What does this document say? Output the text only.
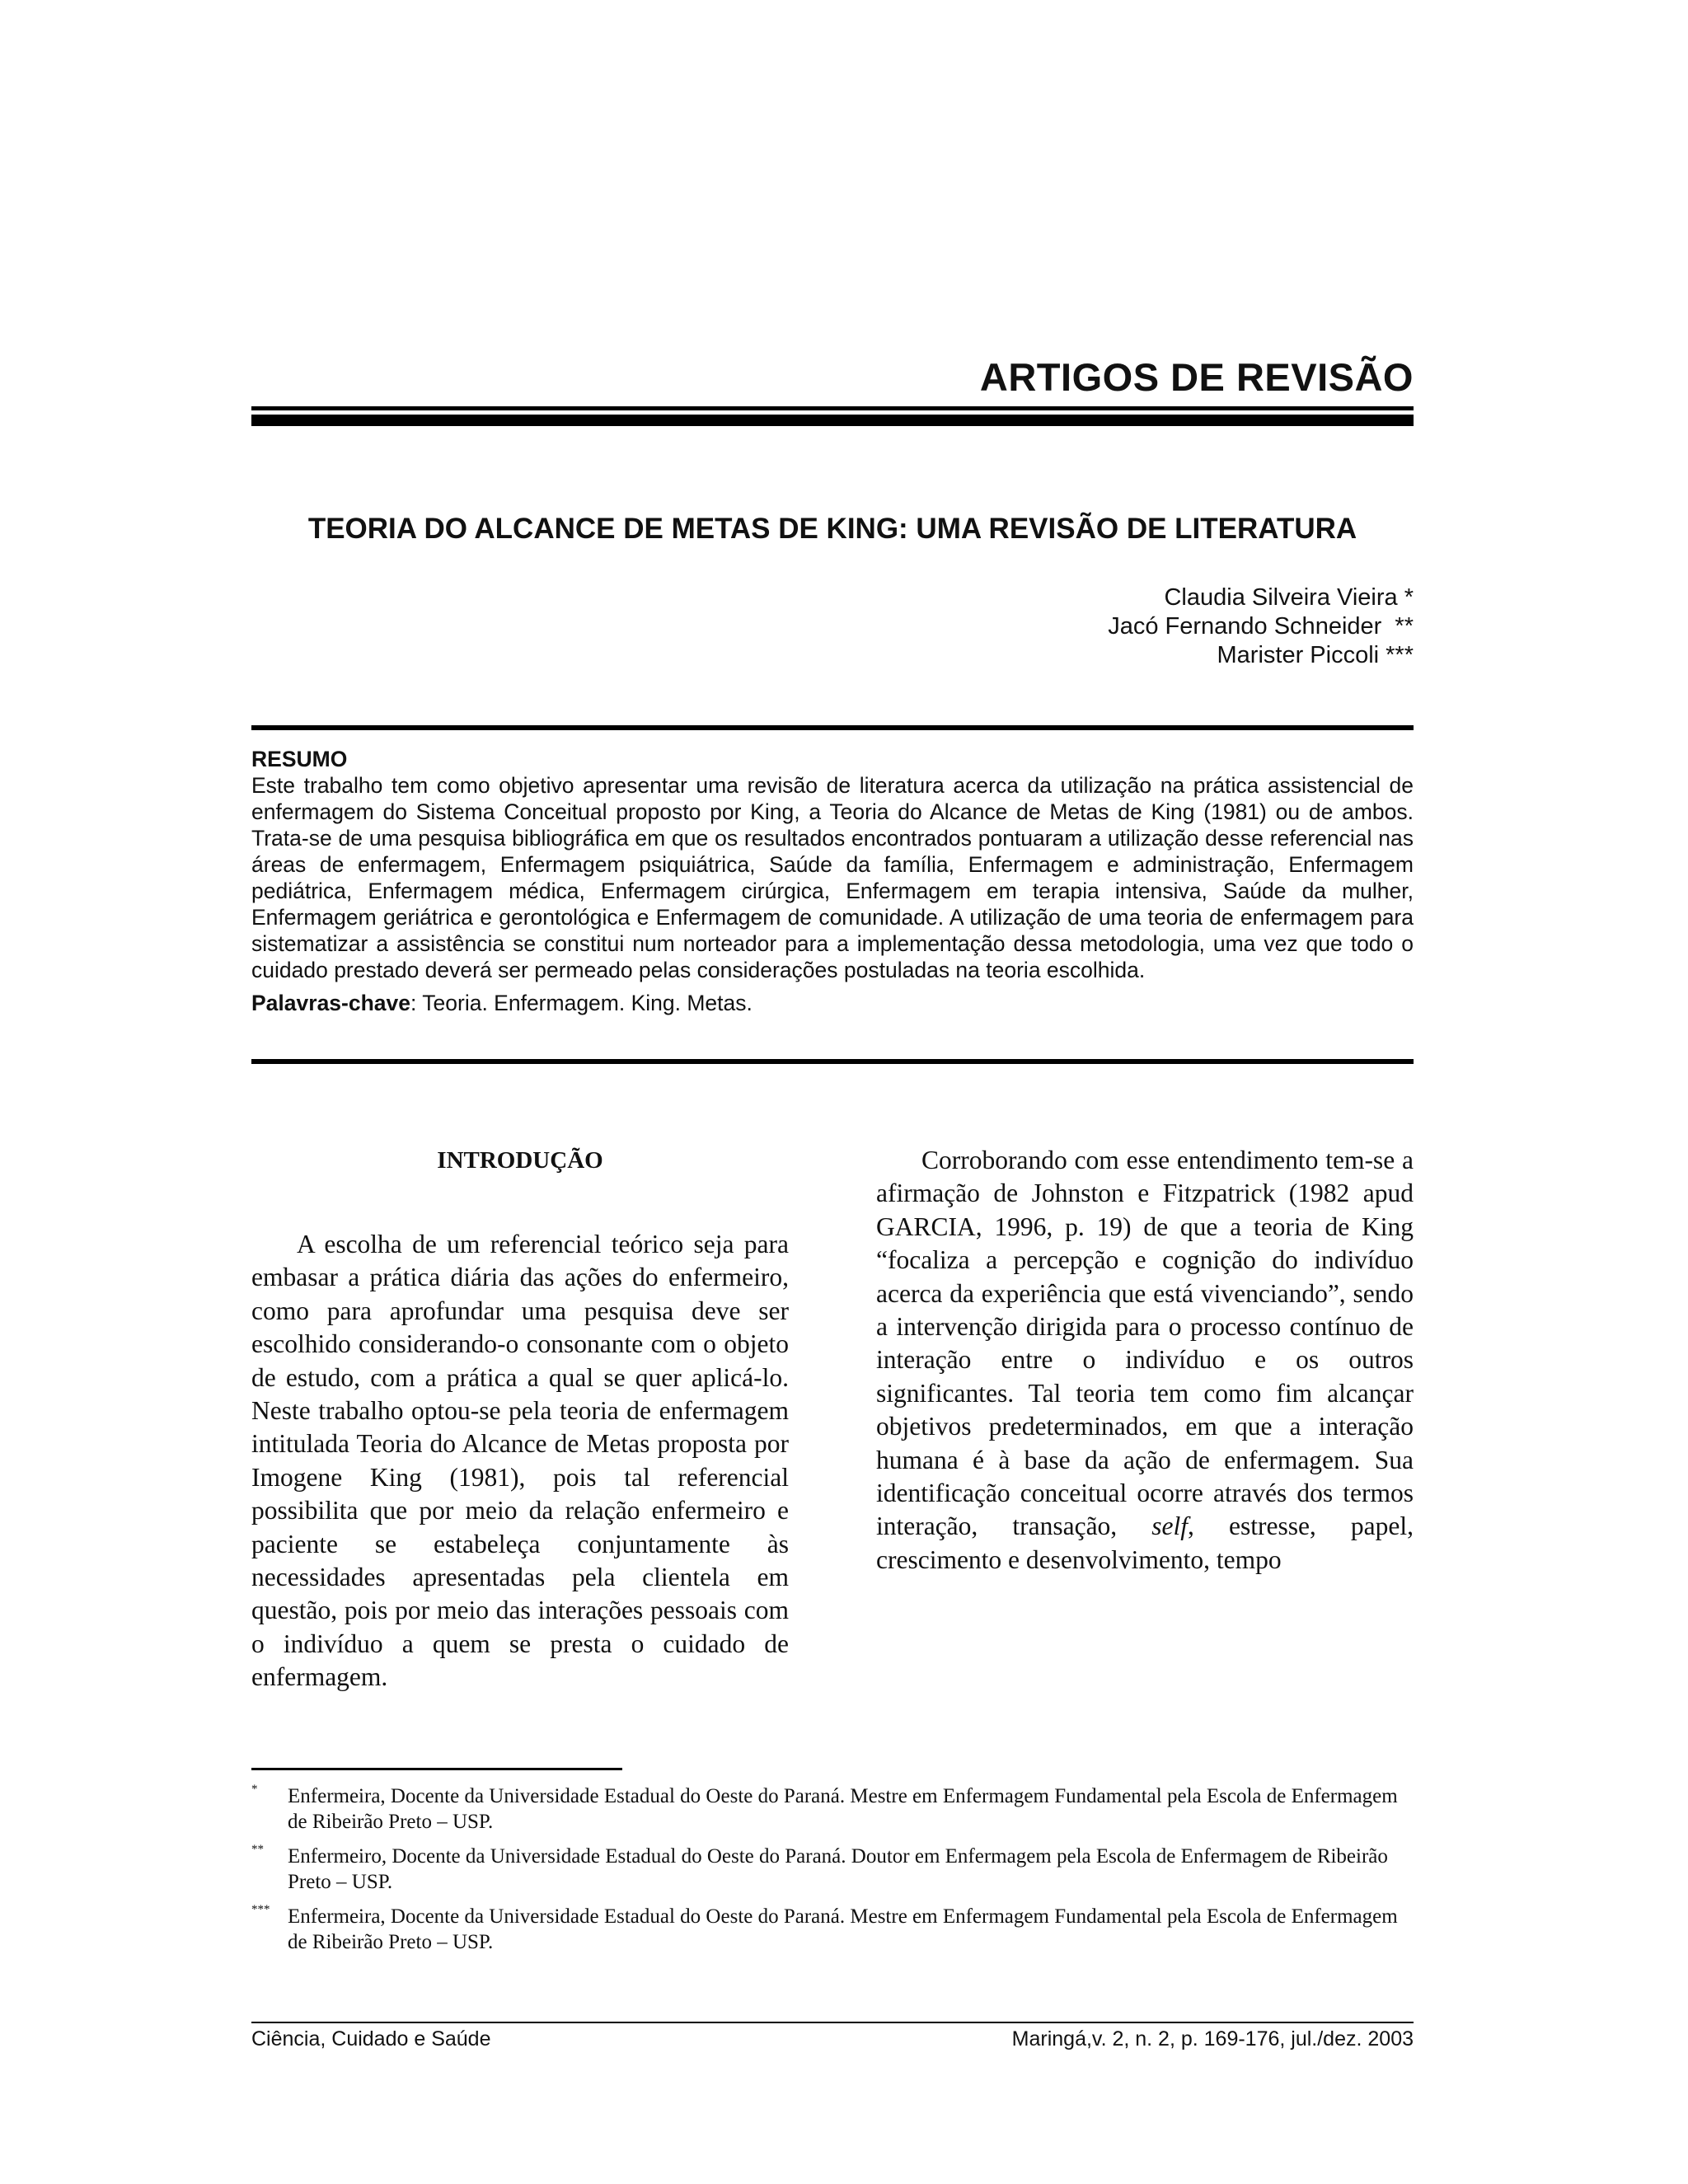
ARTIGOS DE REVISÃO
TEORIA DO ALCANCE DE METAS DE KING: UMA REVISÃO DE LITERATURA
Claudia Silveira Vieira *
Jacó Fernando Schneider  **
Marister Piccoli ***
RESUMO

Este trabalho tem como objetivo apresentar uma revisão de literatura acerca da utilização na prática assistencial de enfermagem do Sistema Conceitual proposto por King, a Teoria do Alcance de Metas de King (1981) ou de ambos. Trata-se de uma pesquisa bibliográfica em que os resultados encontrados pontuaram a utilização desse referencial nas áreas de enfermagem, Enfermagem psiquiátrica, Saúde da família, Enfermagem e administração, Enfermagem pediátrica, Enfermagem médica, Enfermagem cirúrgica, Enfermagem em terapia intensiva, Saúde da mulher, Enfermagem geriátrica e gerontológica e Enfermagem de comunidade. A utilização de uma teoria de enfermagem para sistematizar a assistência se constitui num norteador para a implementação dessa metodologia, uma vez que todo o cuidado prestado deverá ser permeado pelas considerações postuladas na teoria escolhida.

Palavras-chave: Teoria. Enfermagem. King. Metas.
INTRODUÇÃO

A escolha de um referencial teórico seja para embasar a prática diária das ações do enfermeiro, como para aprofundar uma pesquisa deve ser escolhido considerando-o consonante com o objeto de estudo, com a prática a qual se quer aplicá-lo. Neste trabalho optou-se pela teoria de enfermagem intitulada Teoria do Alcance de Metas proposta por Imogene King (1981), pois tal referencial possibilita que por meio da relação enfermeiro e paciente se estabeleça conjuntamente às necessidades apresentadas pela clientela em questão, pois por meio das interações pessoais com o indivíduo a quem se presta o cuidado de enfermagem.

Corroborando com esse entendimento tem-se a afirmação de Johnston e Fitzpatrick (1982 apud GARCIA, 1996, p. 19) de que a teoria de King “focaliza a percepção e cognição do indivíduo acerca da experiência que está vivenciando”, sendo a intervenção dirigida para o processo contínuo de interação entre o indivíduo e os outros significantes. Tal teoria tem como fim alcançar objetivos predeterminados, em que a interação humana é à base da ação de enfermagem. Sua identificação conceitual ocorre através dos termos interação, transação, self, estresse, papel, crescimento e desenvolvimento, tempo

* Enfermeira, Docente da Universidade Estadual do Oeste do Paraná. Mestre em Enfermagem Fundamental pela Escola de Enfermagem de Ribeirão Preto – USP.
** Enfermeiro, Docente da Universidade Estadual do Oeste do Paraná. Doutor em Enfermagem pela Escola de Enfermagem de Ribeirão Preto – USP.
*** Enfermeira, Docente da Universidade Estadual do Oeste do Paraná. Mestre em Enfermagem Fundamental pela Escola de Enfermagem de Ribeirão Preto – USP.
Ciência, Cuidado e Saúde	Maringá,v. 2, n. 2, p. 169-176, jul./dez. 2003
